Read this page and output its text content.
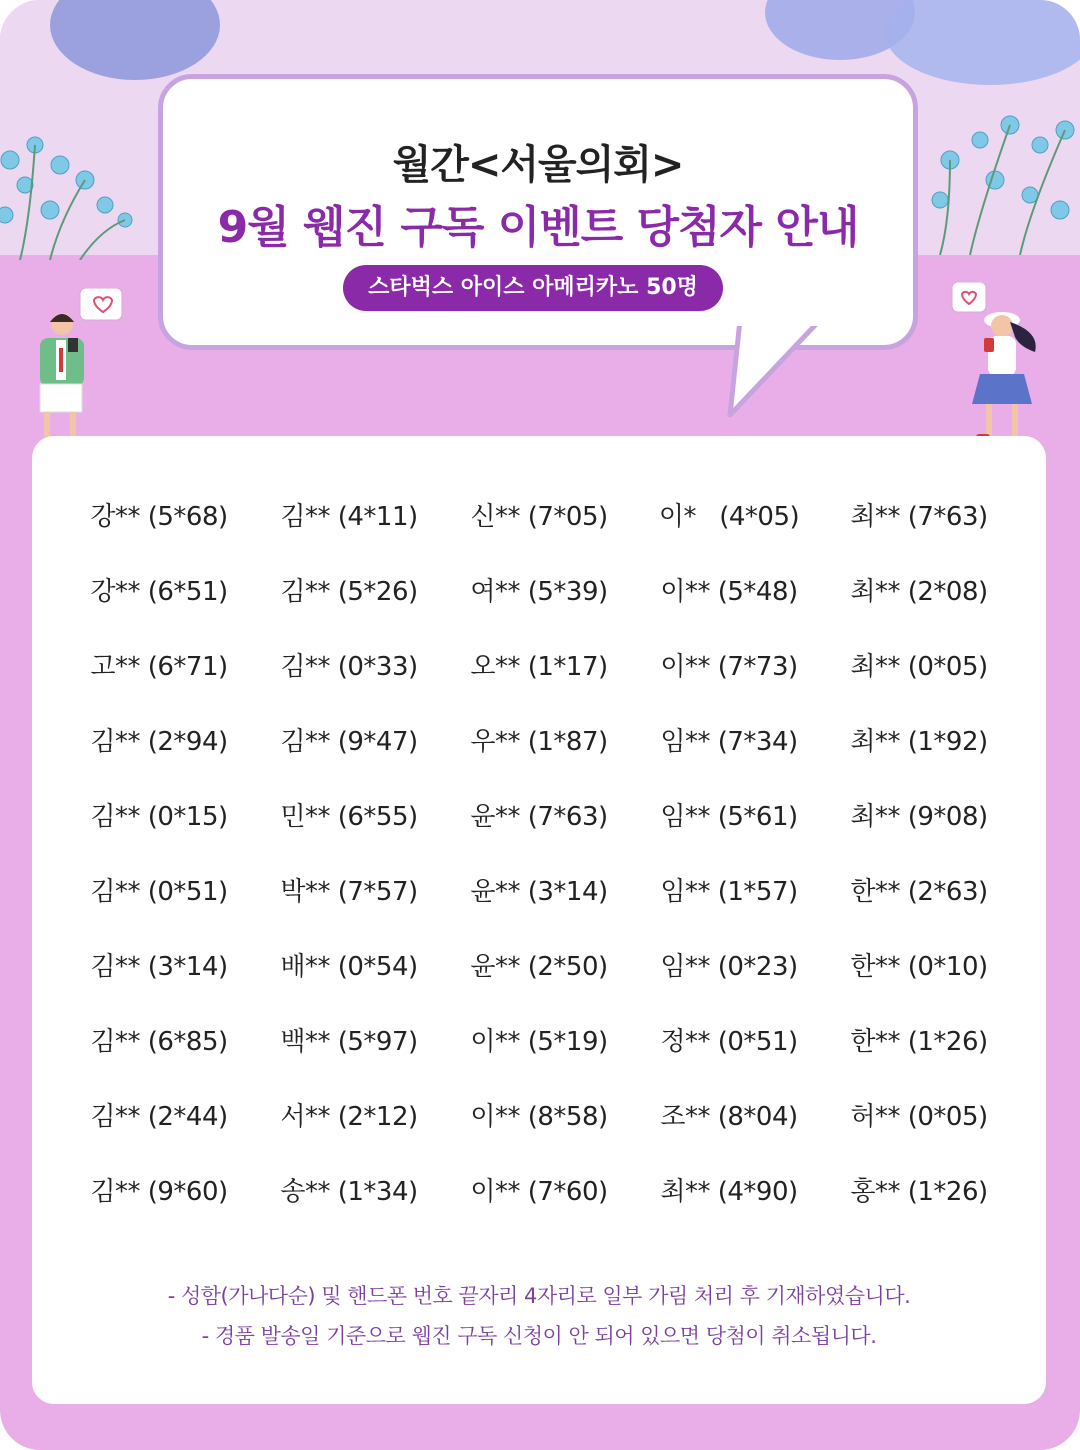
월간<서울의회>
9월 웹진 구독 이벤트 당첨자 안내
스타벅스 아이스 아메리카노 50명
강** (5*68)	김** (4*11)	신** (7*05)	이*   (4*05)	최** (7*63)
강** (6*51)	김** (5*26)	여** (5*39)	이** (5*48)	최** (2*08)
고** (6*71)	김** (0*33)	오** (1*17)	이** (7*73)	최** (0*05)
김** (2*94)	김** (9*47)	우** (1*87)	임** (7*34)	최** (1*92)
김** (0*15)	민** (6*55)	윤** (7*63)	임** (5*61)	최** (9*08)
김** (0*51)	박** (7*57)	윤** (3*14)	임** (1*57)	한** (2*63)
김** (3*14)	배** (0*54)	윤** (2*50)	임** (0*23)	한** (0*10)
김** (6*85)	백** (5*97)	이** (5*19)	정** (0*51)	한** (1*26)
김** (2*44)	서** (2*12)	이** (8*58)	조** (8*04)	허** (0*05)
김** (9*60)	송** (1*34)	이** (7*60)	최** (4*90)	홍** (1*26)
- 성함(가나다순) 및 핸드폰 번호 끝자리 4자리로 일부 가림 처리 후 기재하였습니다.
- 경품 발송일 기준으로 웹진 구독 신청이 안 되어 있으면 당첨이 취소됩니다.
